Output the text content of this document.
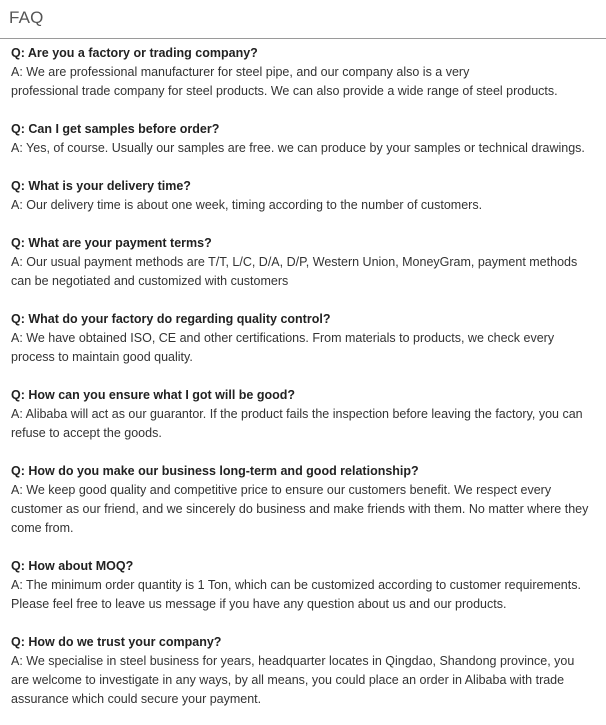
FAQ
Q: Are you a factory or trading company?
A: We are professional manufacturer for steel pipe, and our company also is a very
professional trade company for steel products. We can also provide a wide range of steel products.
Q: Can I get samples before order?
A: Yes, of course. Usually our samples are free. we can produce by your samples or technical drawings.
Q: What is your delivery time?
A: Our delivery time is about one week, timing according to the number of customers.
Q: What are your payment terms?
A: Our usual payment methods are T/T, L/C, D/A, D/P, Western Union, MoneyGram, payment methods
can be negotiated and customized with customers
Q: What do your factory do regarding quality control?
A: We have obtained ISO, CE and other certifications. From materials to products, we check every
process to maintain good quality.
Q: How can you ensure what I got will be good?
A: Alibaba will act as our guarantor. If the product fails the inspection before leaving the factory, you can
refuse to accept the goods.
Q: How do you make our business long-term and good relationship?
A: We keep good quality and competitive price to ensure our customers benefit. We respect every
customer as our friend, and we sincerely do business and make friends with them. No matter where they
come from.
Q: How about MOQ?
A: The minimum order quantity is 1 Ton, which can be customized according to customer requirements.
Please feel free to leave us message if you have any question about us and our products.
Q: How do we trust your company?
A: We specialise in steel business for years, headquarter locates in Qingdao, Shandong province, you
are welcome to investigate in any ways, by all means, you could place an order in Alibaba with trade
assurance which could secure your payment.
